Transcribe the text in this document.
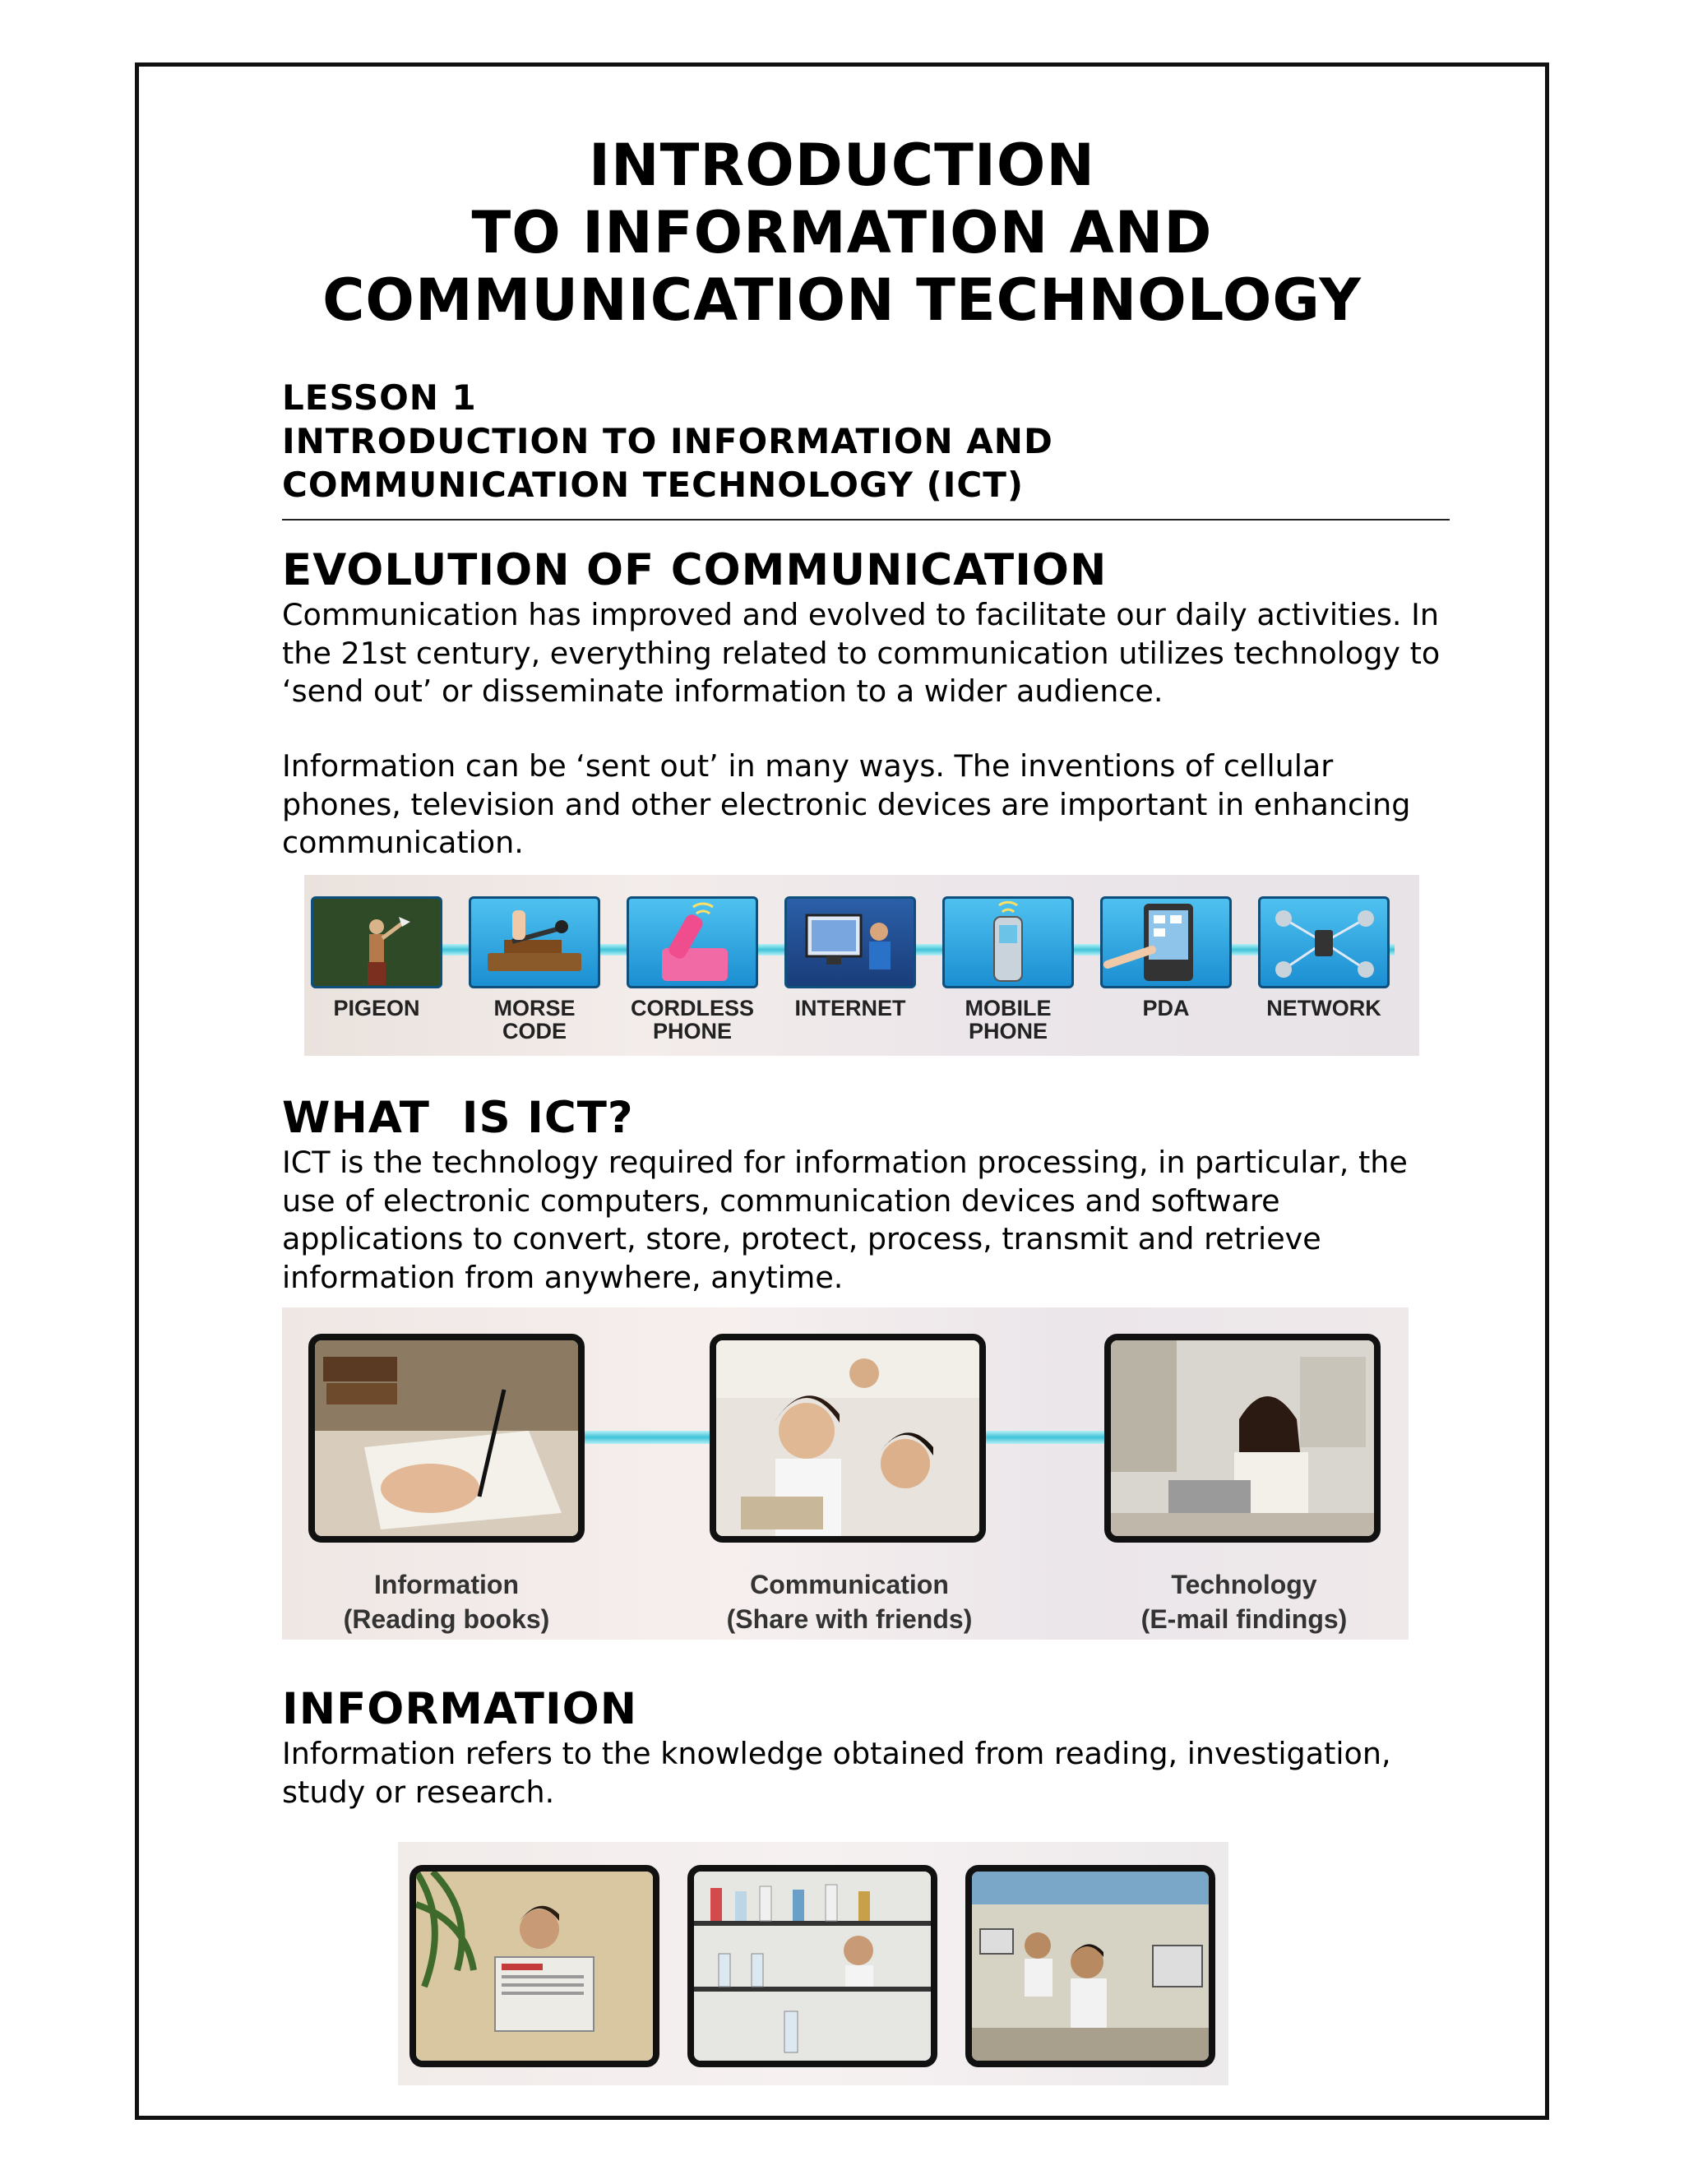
INTRODUCTION
TO INFORMATION AND
COMMUNICATION TECHNOLOGY
LESSON 1
INTRODUCTION TO INFORMATION AND
COMMUNICATION TECHNOLOGY (ICT)
EVOLUTION OF COMMUNICATION
Communication has improved and evolved to facilitate our daily activities. In
the 21st century, everything related to communication utilizes technology to
‘send out’ or disseminate information to a wider audience.
Information can be ‘sent out’ in many ways. The inventions of cellular
phones, television and other electronic devices are important in enhancing
communication.
PIGEON	MORSE
CODE
CORDLESS
PHONE
INTERNET	MOBILE
PHONE
PDA	NETWORK
WHAT  IS ICT?
ICT is the technology required for information processing, in particular, the
use of electronic computers, communication devices and software
applications to convert, store, protect, process, transmit and retrieve
information from anywhere, anytime.
Information
(Reading books)
Communication
(Share with friends)
Technology
(E-mail findings)
INFORMATION
Information refers to the knowledge obtained from reading, investigation,
study or research.
